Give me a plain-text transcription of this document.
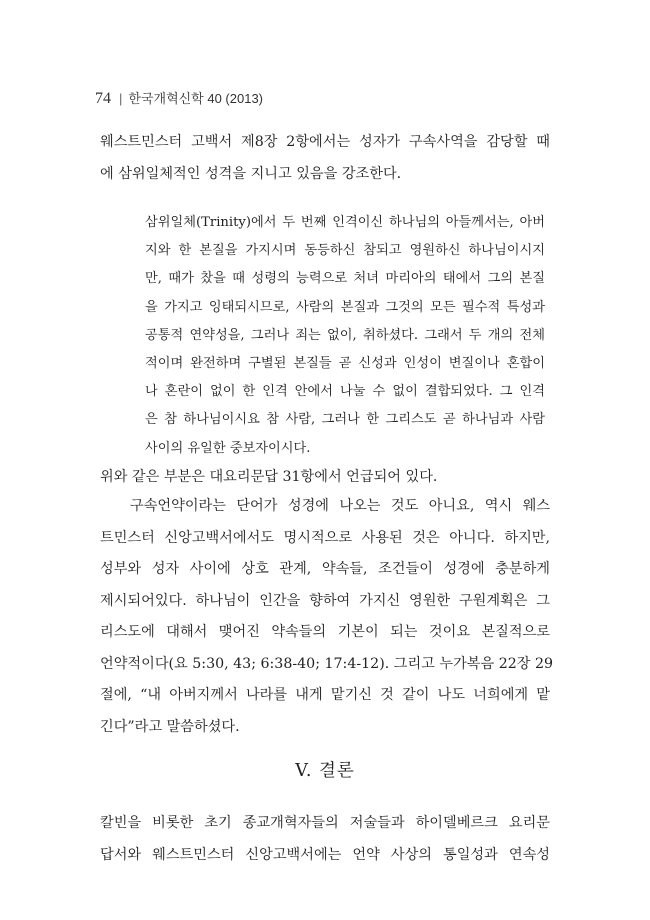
74 | 한국개혁신학 40 (2013)
웨스트민스터 고백서 제8장 2항에서는 성자가 구속사역을 감당할 때
에 삼위일체적인 성격을 지니고 있음을 강조한다.
삼위일체(Trinity)에서 두 번째 인격이신 하나님의 아들께서는, 아버
지와 한 본질을 가지시며 동등하신 참되고 영원하신 하나님이시지
만, 때가 찼을 때 성령의 능력으로 처녀 마리아의 태에서 그의 본질
을 가지고 잉태되시므로, 사람의 본질과 그것의 모든 필수적 특성과
공통적 연약성을, 그러나 죄는 없이, 취하셨다. 그래서 두 개의 전체
적이며 완전하며 구별된 본질들 곧 신성과 인성이 변질이나 혼합이
나 혼란이 없이 한 인격 안에서 나눌 수 없이 결합되었다. 그 인격
은 참 하나님이시요 참 사람, 그러나 한 그리스도 곧 하나님과 사람
사이의 유일한 중보자이시다.
위와 같은 부분은 대요리문답 31항에서 언급되어 있다.
구속언약이라는 단어가 성경에 나오는 것도 아니요, 역시 웨스
트민스터 신앙고백서에서도 명시적으로 사용된 것은 아니다. 하지만,
성부와 성자 사이에 상호 관계, 약속들, 조건들이 성경에 충분하게
제시되어있다. 하나님이 인간을 향하여 가지신 영원한 구원계획은 그
리스도에 대해서 맺어진 약속들의 기본이 되는 것이요 본질적으로
언약적이다(요 5:30, 43; 6:38-40; 17:4-12). 그리고 누가복음 22장 29
절에, “내 아버지께서 나라를 내게 맡기신 것 같이 나도 너희에게 맡
긴다”라고 말씀하셨다.
V. 결론
칼빈을 비롯한 초기 종교개혁자들의 저술들과 하이델베르크 요리문
답서와 웨스트민스터 신앙고백서에는 언약 사상의 통일성과 연속성
